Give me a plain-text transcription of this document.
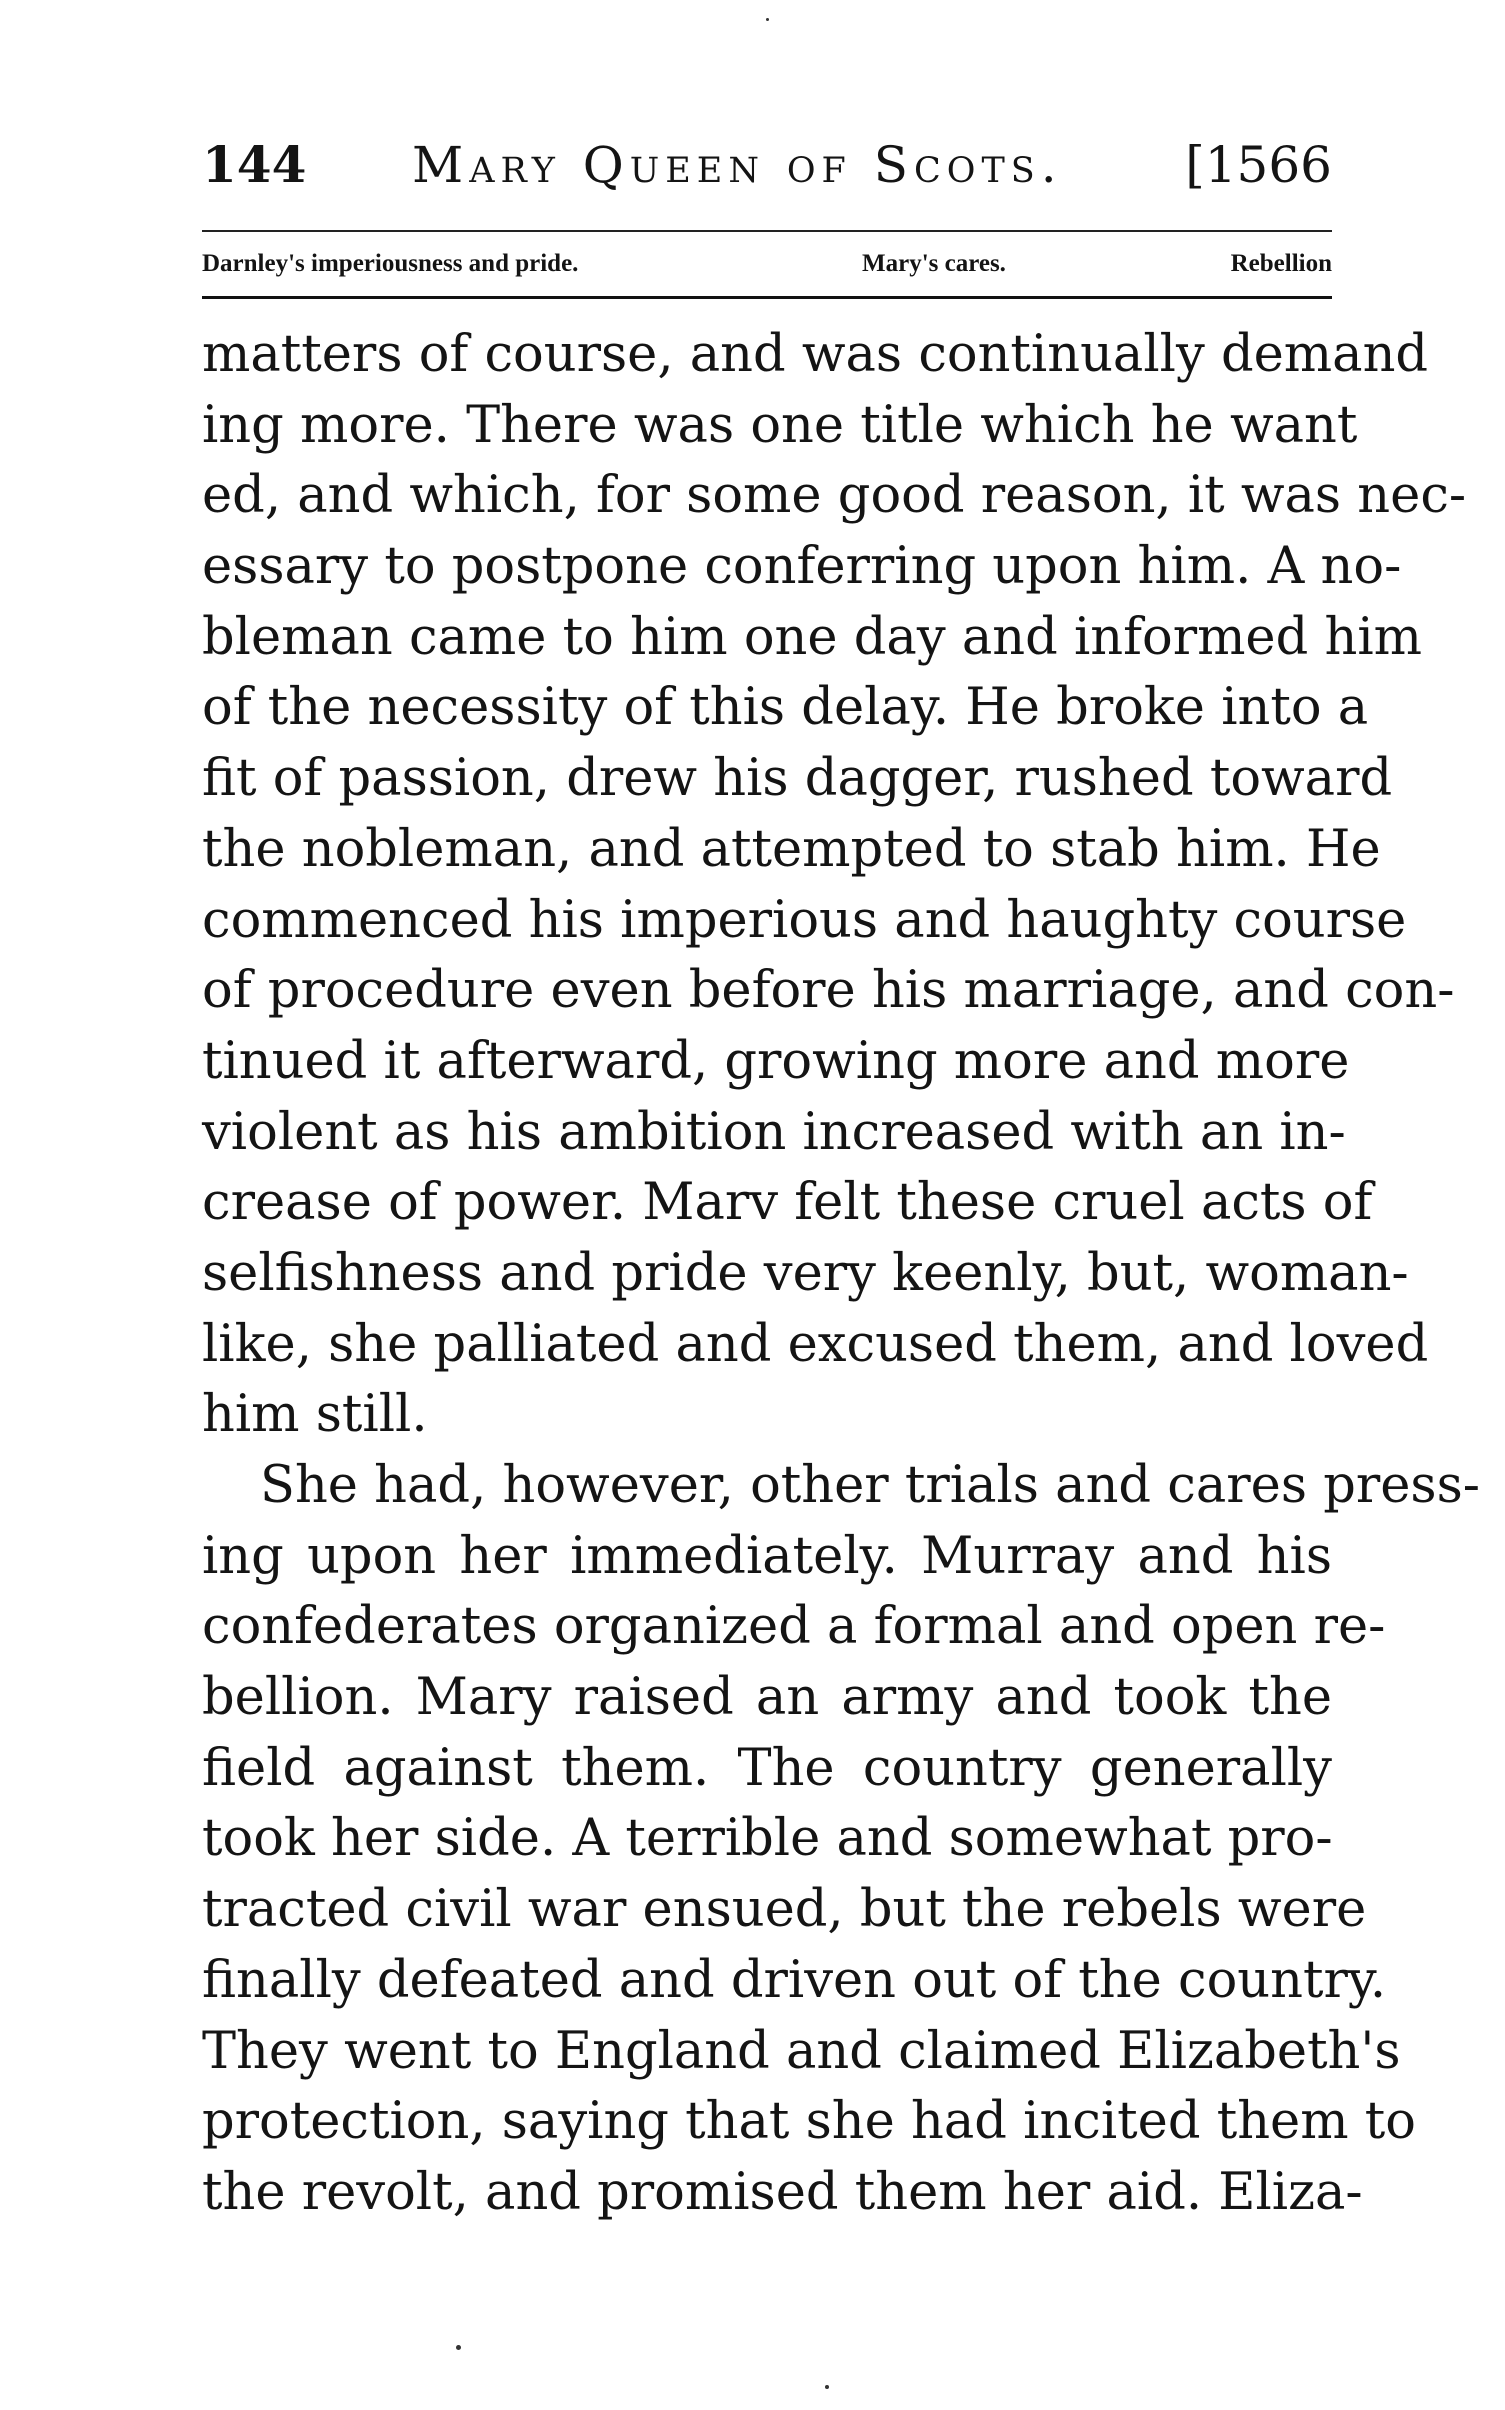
144 Mary Queen of Scots. [1566
Darnley's imperiousness and pride.	Mary's cares.	Rebellion
matters of course, and was continually demand
ing more. There was one title which he want
ed, and which, for some good reason, it was nec-
essary to postpone conferring upon him. A no-
bleman came to him one day and informed him
of the necessity of this delay. He broke into a
fit of passion, drew his dagger, rushed toward
the nobleman, and attempted to stab him. He
commenced his imperious and haughty course
of procedure even before his marriage, and con-
tinued it afterward, growing more and more
violent as his ambition increased with an in-
crease of power. Marv felt these cruel acts of
selfishness and pride very keenly, but, woman-
like, she palliated and excused them, and loved
him still.
She had, however, other trials and cares press-
ing upon her immediately. Murray and his
confederates organized a formal and open re-
bellion. Mary raised an army and took the
field against them. The country generally
took her side. A terrible and somewhat pro-
tracted civil war ensued, but the rebels were
finally defeated and driven out of the country.
They went to England and claimed Elizabeth's
protection, saying that she had incited them to
the revolt, and promised them her aid. Eliza-
